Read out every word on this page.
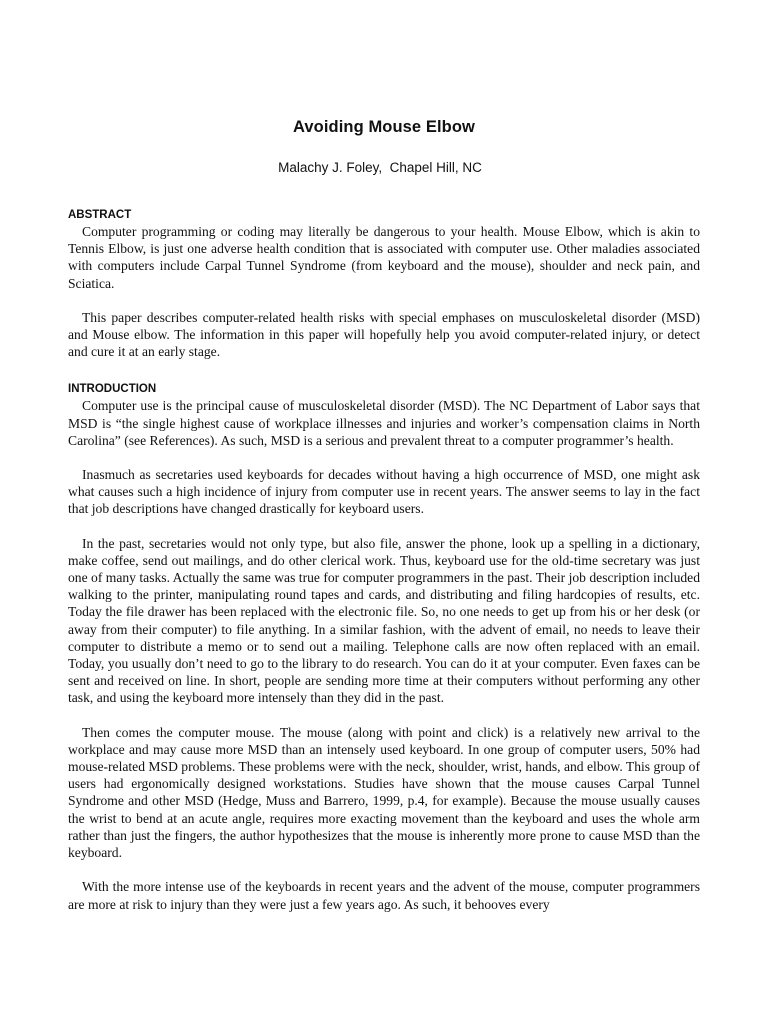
Avoiding Mouse Elbow

Malachy J. Foley,  Chapel Hill, NC

ABSTRACT

Computer programming or coding may literally be dangerous to your health. Mouse Elbow, which is akin to Tennis Elbow, is just one adverse health condition that is associated with computer use. Other maladies associated with computers include Carpal Tunnel Syndrome (from keyboard and the mouse), shoulder and neck pain, and Sciatica.

This paper describes computer-related health risks with special emphases on musculoskeletal disorder (MSD) and Mouse elbow. The information in this paper will hopefully help you avoid computer-related injury, or detect and cure it at an early stage.

INTRODUCTION

Computer use is the principal cause of musculoskeletal disorder (MSD). The NC Department of Labor says that MSD is “the single highest cause of workplace illnesses and injuries and worker’s compensation claims in North Carolina” (see References). As such, MSD is a serious and prevalent threat to a computer programmer’s health.

Inasmuch as secretaries used keyboards for decades without having a high occurrence of MSD, one might ask what causes such a high incidence of injury from computer use in recent years. The answer seems to lay in the fact that job descriptions have changed drastically for keyboard users.

In the past, secretaries would not only type, but also file, answer the phone, look up a spelling in a dictionary, make coffee, send out mailings, and do other clerical work. Thus, keyboard use for the old-time secretary was just one of many tasks. Actually the same was true for computer programmers in the past. Their job description included walking to the printer, manipulating round tapes and cards, and distributing and filing hardcopies of results, etc. Today the file drawer has been replaced with the electronic file. So, no one needs to get up from his or her desk (or away from their computer) to file anything. In a similar fashion, with the advent of email, no needs to leave their computer to distribute a memo or to send out a mailing. Telephone calls are now often replaced with an email. Today, you usually don’t need to go to the library to do research. You can do it at your computer. Even faxes can be sent and received on line. In short, people are sending more time at their computers without performing any other task, and using the keyboard more intensely than they did in the past.

Then comes the computer mouse. The mouse (along with point and click) is a relatively new arrival to the workplace and may cause more MSD than an intensely used keyboard. In one group of computer users, 50% had mouse-related MSD problems. These problems were with the neck, shoulder, wrist, hands, and elbow. This group of users had ergonomically designed workstations. Studies have shown that the mouse causes Carpal Tunnel Syndrome and other MSD (Hedge, Muss and Barrero, 1999, p.4, for example). Because the mouse usually causes the wrist to bend at an acute angle, requires more exacting movement than the keyboard and uses the whole arm rather than just the fingers, the author hypothesizes that the mouse is inherently more prone to cause MSD than the keyboard.

With the more intense use of the keyboards in recent years and the advent of the mouse, computer programmers are more at risk to injury than they were just a few years ago. As such, it behooves every
